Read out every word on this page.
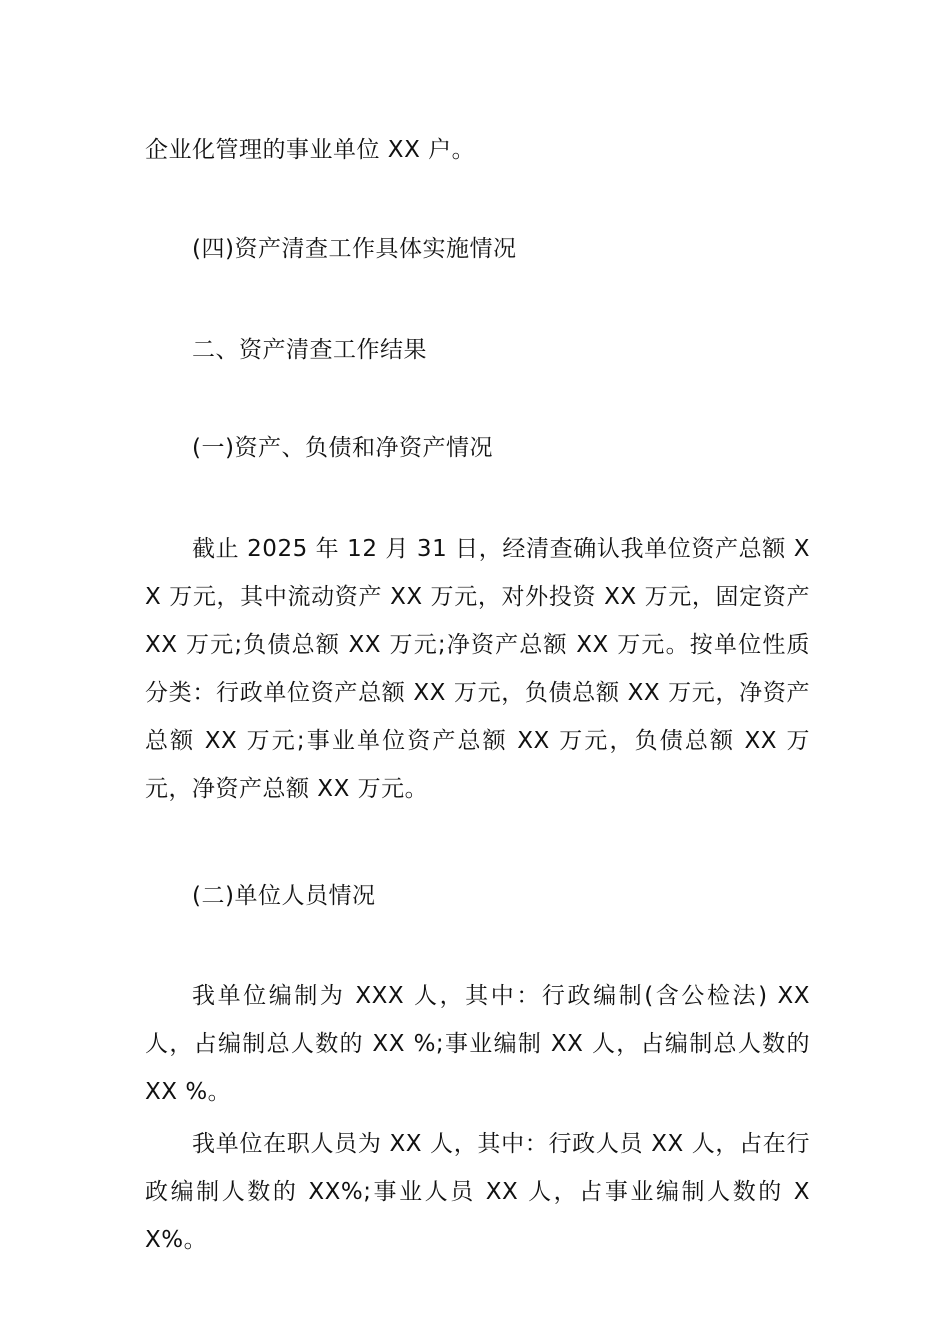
企业化管理的事业单位 XX 户。

(四)资产清查工作具体实施情况

二、资产清查工作结果

(一)资产、负债和净资产情况

截止 2025 年 12 月 31 日，经清查确认我单位资产总额 XX 万元，其中流动资产 XX 万元，对外投资 XX 万元，固定资产 XX 万元;负债总额 XX 万元;净资产总额 XX 万元。按单位性质分类：行政单位资产总额 XX 万元，负债总额 XX 万元，净资产总额 XX 万元;事业单位资产总额 XX 万元，负债总额 XX 万元，净资产总额 XX 万元。

(二)单位人员情况

我单位编制为 XXX 人，其中：行政编制(含公检法) XX 人，占编制总人数的 XX %;事业编制 XX 人，占编制总人数的 XX %。

我单位在职人员为 XX 人，其中：行政人员 XX 人，占在行政编制人数的 XX%;事业人员 XX 人，占事业编制人数的 XX%。
